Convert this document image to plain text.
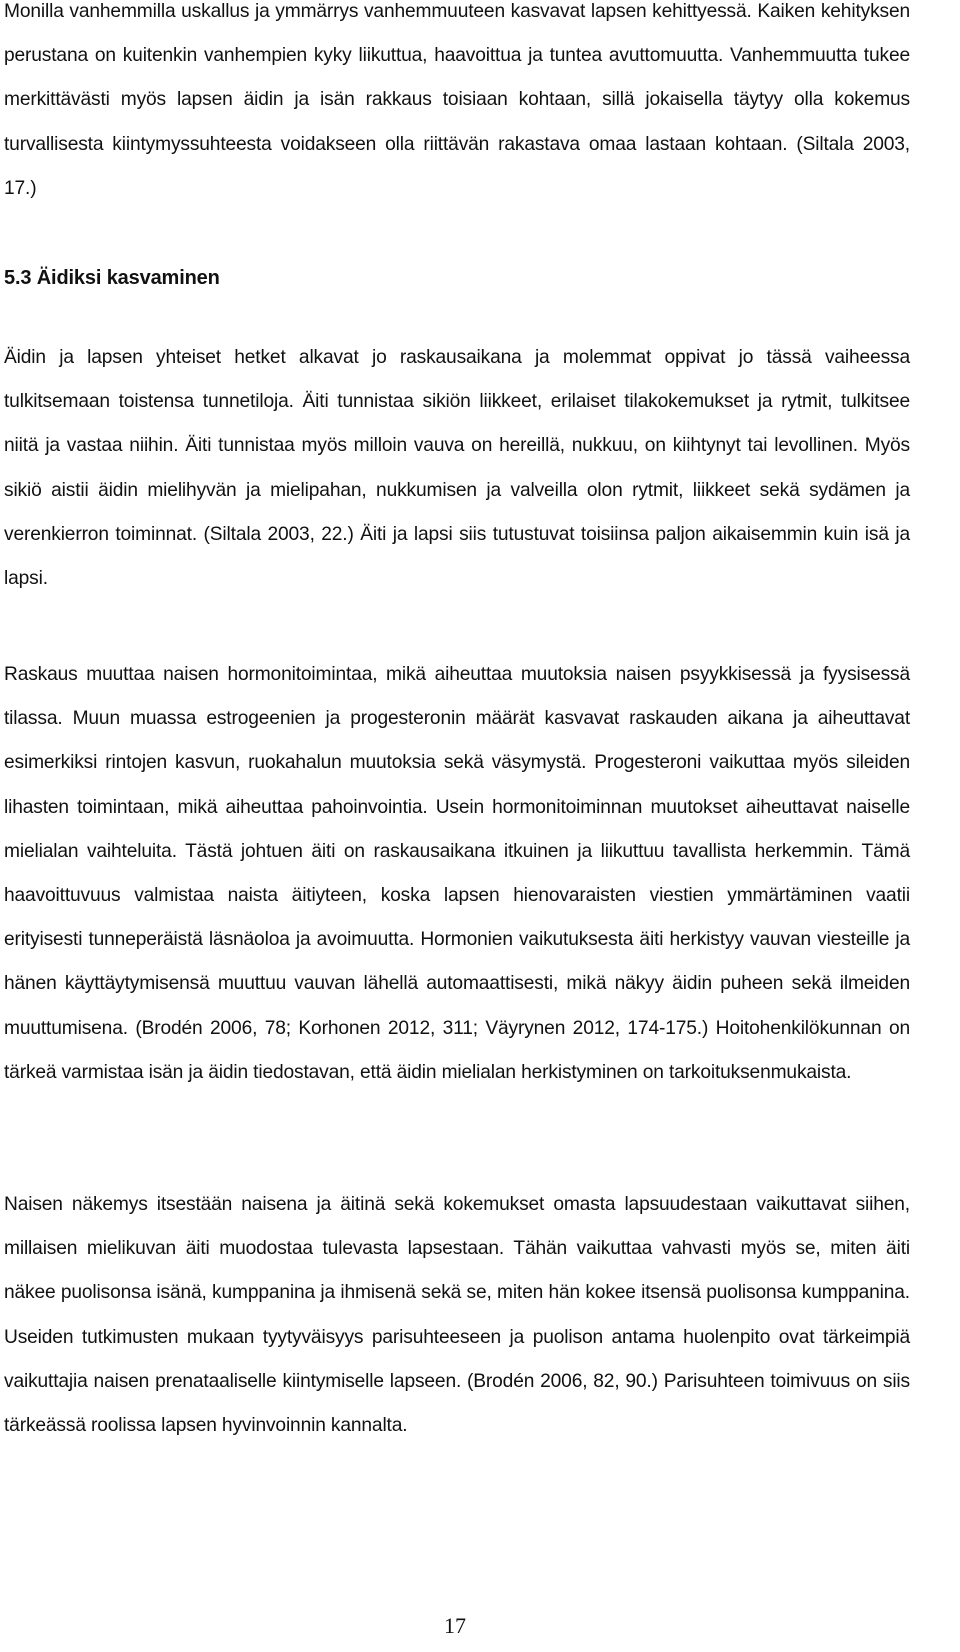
Monilla vanhemmilla uskallus ja ymmärrys vanhemmuuteen kasvavat lapsen kehittyessä. Kaiken kehityksen perustana on kuitenkin vanhempien kyky liikuttua, haavoittua ja tuntea avuttomuutta. Vanhemmuutta tukee merkittävästi myös lapsen äidin ja isän rakkaus toisiaan kohtaan, sillä jokaisella täytyy olla kokemus turvallisesta kiintymyssuhteesta voidakseen olla riittävän rakastava omaa lastaan kohtaan. (Siltala 2003, 17.)

5.3 Äidiksi kasvaminen

Äidin ja lapsen yhteiset hetket alkavat jo raskausaikana ja molemmat oppivat jo tässä vaiheessa tulkitsemaan toistensa tunnetiloja. Äiti tunnistaa sikiön liikkeet, erilaiset tilakokemukset ja rytmit, tulkitsee niitä ja vastaa niihin. Äiti tunnistaa myös milloin vauva on hereillä, nukkuu, on kiihtynyt tai levollinen. Myös sikiö aistii äidin mielihyvän ja mielipahan, nukkumisen ja valveilla olon rytmit, liikkeet sekä sydämen ja verenkierron toiminnat. (Siltala 2003, 22.) Äiti ja lapsi siis tutustuvat toisiinsa paljon aikaisemmin kuin isä ja lapsi.

Raskaus muuttaa naisen hormonitoimintaa, mikä aiheuttaa muutoksia naisen psyykkisessä ja fyysisessä tilassa. Muun muassa estrogeenien ja progesteronin määrät kasvavat raskauden aikana ja aiheuttavat esimerkiksi rintojen kasvun, ruokahalun muutoksia sekä väsymystä. Progesteroni vaikuttaa myös sileiden lihasten toimintaan, mikä aiheuttaa pahoinvointia. Usein hormonitoiminnan muutokset aiheuttavat naiselle mielialan vaihteluita. Tästä johtuen äiti on raskausaikana itkuinen ja liikuttuu tavallista herkemmin. Tämä haavoittuvuus valmistaa naista äitiyteen, koska lapsen hienovaraisten viestien ymmärtäminen vaatii erityisesti tunneperäistä läsnäoloa ja avoimuutta. Hormonien vaikutuksesta äiti herkistyy vauvan viesteille ja hänen käyttäytymisensä muuttuu vauvan lähellä automaattisesti, mikä näkyy äidin puheen sekä ilmeiden muuttumisena. (Brodén 2006, 78; Korhonen 2012, 311; Väyrynen 2012, 174-175.) Hoitohenkilökunnan on tärkeä varmistaa isän ja äidin tiedostavan, että äidin mielialan herkistyminen on tarkoituksenmukaista.

Naisen näkemys itsestään naisena ja äitinä sekä kokemukset omasta lapsuudestaan vaikuttavat siihen, millaisen mielikuvan äiti muodostaa tulevasta lapsestaan. Tähän vaikuttaa vahvasti myös se, miten äiti näkee puolisonsa isänä, kumppanina ja ihmisenä sekä se, miten hän kokee itsensä puolisonsa kumppanina. Useiden tutkimusten mukaan tyytyväisyys parisuhteeseen ja puolison antama huolenpito ovat tärkeimpiä vaikuttajia naisen prenataaliselle kiintymiselle lapseen. (Brodén 2006, 82, 90.) Parisuhteen toimivuus on siis tärkeässä roolissa lapsen hyvinvoinnin kannalta.

17
